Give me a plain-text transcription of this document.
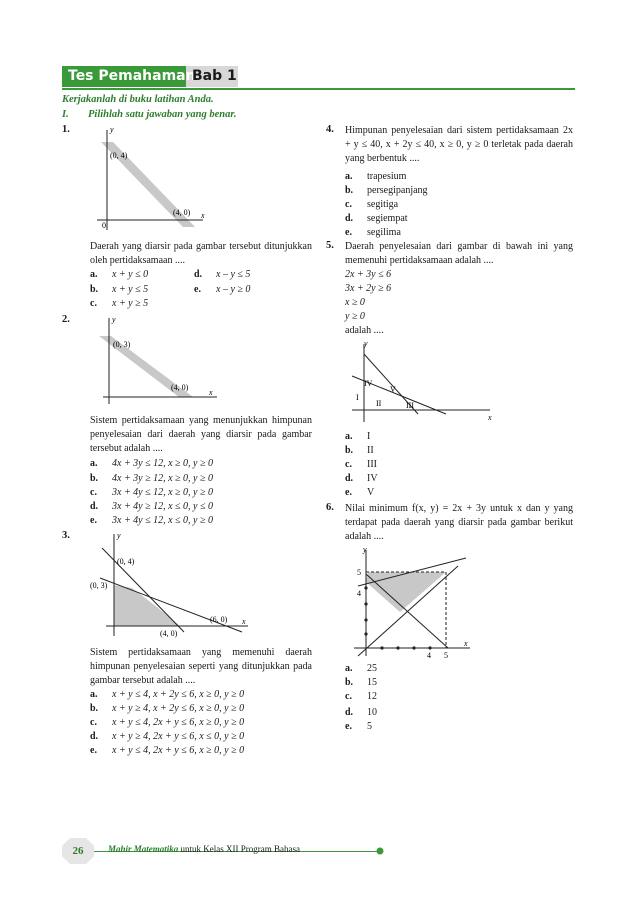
Tes Pemahaman
Bab 1
Kerjakanlah di buku latihan Anda.
I. Pilihlah satu jawaban yang benar.
1.	y
x
(0, 4)
(4, 0)
0
Daerah yang diarsir pada gambar tersebut ditunjukkan oleh pertidaksamaan ....
a. x + y ≤ 0
b. x + y ≤ 5
c. x + y ≥ 5
d. x – y ≤ 5
e. x – y ≥ 0
2.	y
x
(0, 3)
(4, 0)
Sistem pertidaksamaan yang menunjukkan himpunan penyelesaian dari daerah yang diarsir pada gambar tersebut adalah ....
a. 4x + 3y ≤ 12, x ≥ 0, y ≥ 0
b. 4x + 3y ≥ 12, x ≥ 0, y ≥ 0
c. 3x + 4y ≤ 12, x ≥ 0, y ≥ 0
d. 3x + 4y ≥ 12, x ≤ 0, y ≤ 0
e. 3x + 4y ≤ 12, x ≤ 0, y ≥ 0
3.	y
x
(0, 4)
(0, 3)
(6, 0)
(4, 0)
Sistem pertidaksamaan yang memenuhi daerah himpunan penyelesaian seperti yang ditunjukkan pada gambar tersebut adalah ....
a. x + y ≤ 4, x + 2y ≤ 6, x ≥ 0, y ≥ 0
b. x + y ≥ 4, x + 2y ≤ 6, x ≥ 0, y ≥ 0
c. x + y ≤ 4, 2x + y ≤ 6, x ≥ 0, y ≥ 0
d. x + y ≥ 4, 2x + y ≤ 6, x ≤ 0, y ≥ 0
e. x + y ≤ 4, 2x + y ≤ 6, x ≥ 0, y ≥ 0
4. Himpunan penyelesaian dari sistem pertidaksamaan 2x + y ≤ 40, x + 2y ≤ 40, x ≥ 0, y ≥ 0 terletak pada daerah yang berbentuk ....
a. trapesium
b. persegipanjang
c. segitiga
d. segiempat
e. segilima
5. Daerah penyelesaian dari gambar di bawah ini yang memenuhi pertidaksamaan adalah ....
2x + 3y ≤ 6
3x + 2y ≥ 6
x ≥ 0
y ≥ 0
adalah ....
y
x
I
II	III
IV
V
a. I
b. II
c. III
d. IV
e. V
6. Nilai minimum f(x, y) = 2x + 3y untuk x dan y yang terdapat pada daerah yang diarsir pada gambar berikut adalah ....
y
x
5
4
4 5
a. 25
b. 15
c. 12
d. 10
e. 5
26	Mahir Matematika untuk Kelas XII Program Bahasa
